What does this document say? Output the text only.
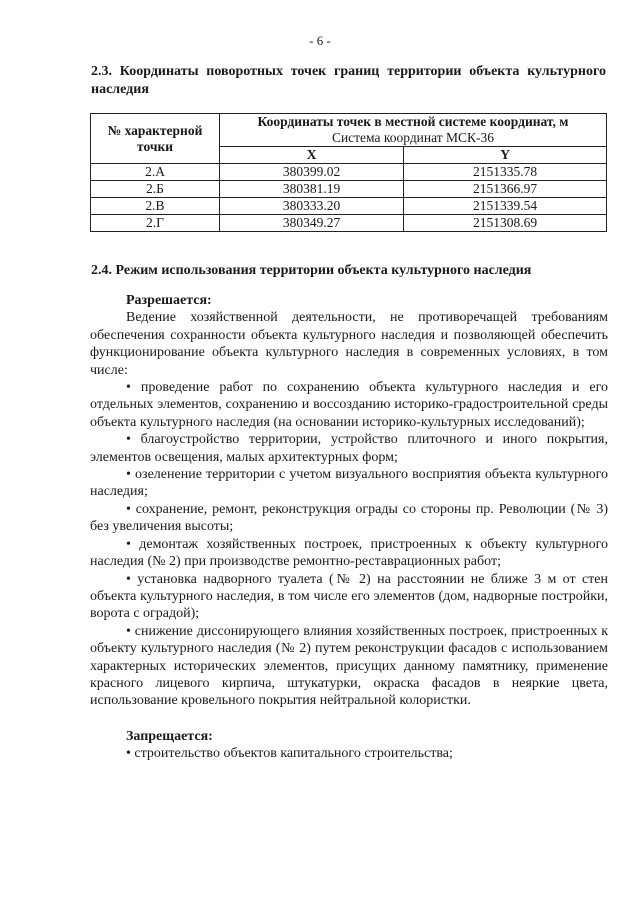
- 6 -
2.3. Координаты поворотных точек границ территории объекта культурного наследия
№ характерной точки	Координаты точек в местной системе координат, м
Система координат МСК-36	

	X	Y
2.А	380399.02	2151335.78
2.Б	380381.19	2151366.97
2.В	380333.20	2151339.54
2.Г	380349.27	2151308.69
2.4. Режим использования территории объекта культурного наследия

Разрешается:

Ведение хозяйственной деятельности, не противоречащей требованиям обеспечения сохранности объекта культурного наследия и позволяющей обеспечить функционирование объекта культурного наследия в современных условиях, в том числе:

• проведение работ по сохранению объекта культурного наследия и его отдельных элементов, сохранению и воссозданию историко-градостроительной среды объекта культурного наследия (на основании историко-культурных исследований);

• благоустройство территории, устройство плиточного и иного покрытия, элементов освещения, малых архитектурных форм;

• озеленение территории с учетом визуального восприятия объекта культурного наследия;

• сохранение, ремонт, реконструкция ограды со стороны пр. Революции (№ 3) без увеличения высоты;

• демонтаж хозяйственных построек, пристроенных к объекту культурного наследия (№ 2) при производстве ремонтно-реставрационных работ;

• установка надворного туалета (№ 2) на расстоянии не ближе 3 м от стен объекта культурного наследия, в том числе его элементов (дом, надворные постройки, ворота с оградой);

• снижение диссонирующего влияния хозяйственных построек, пристроенных к объекту культурного наследия (№ 2) путем реконструкции фасадов с использованием характерных исторических элементов, присущих данному памятнику, применение красного лицевого кирпича, штукатурки, окраска фасадов в неяркие цвета, использование кровельного покрытия нейтральной колористки.

Запрещается:

• строительство объектов капитального строительства;
